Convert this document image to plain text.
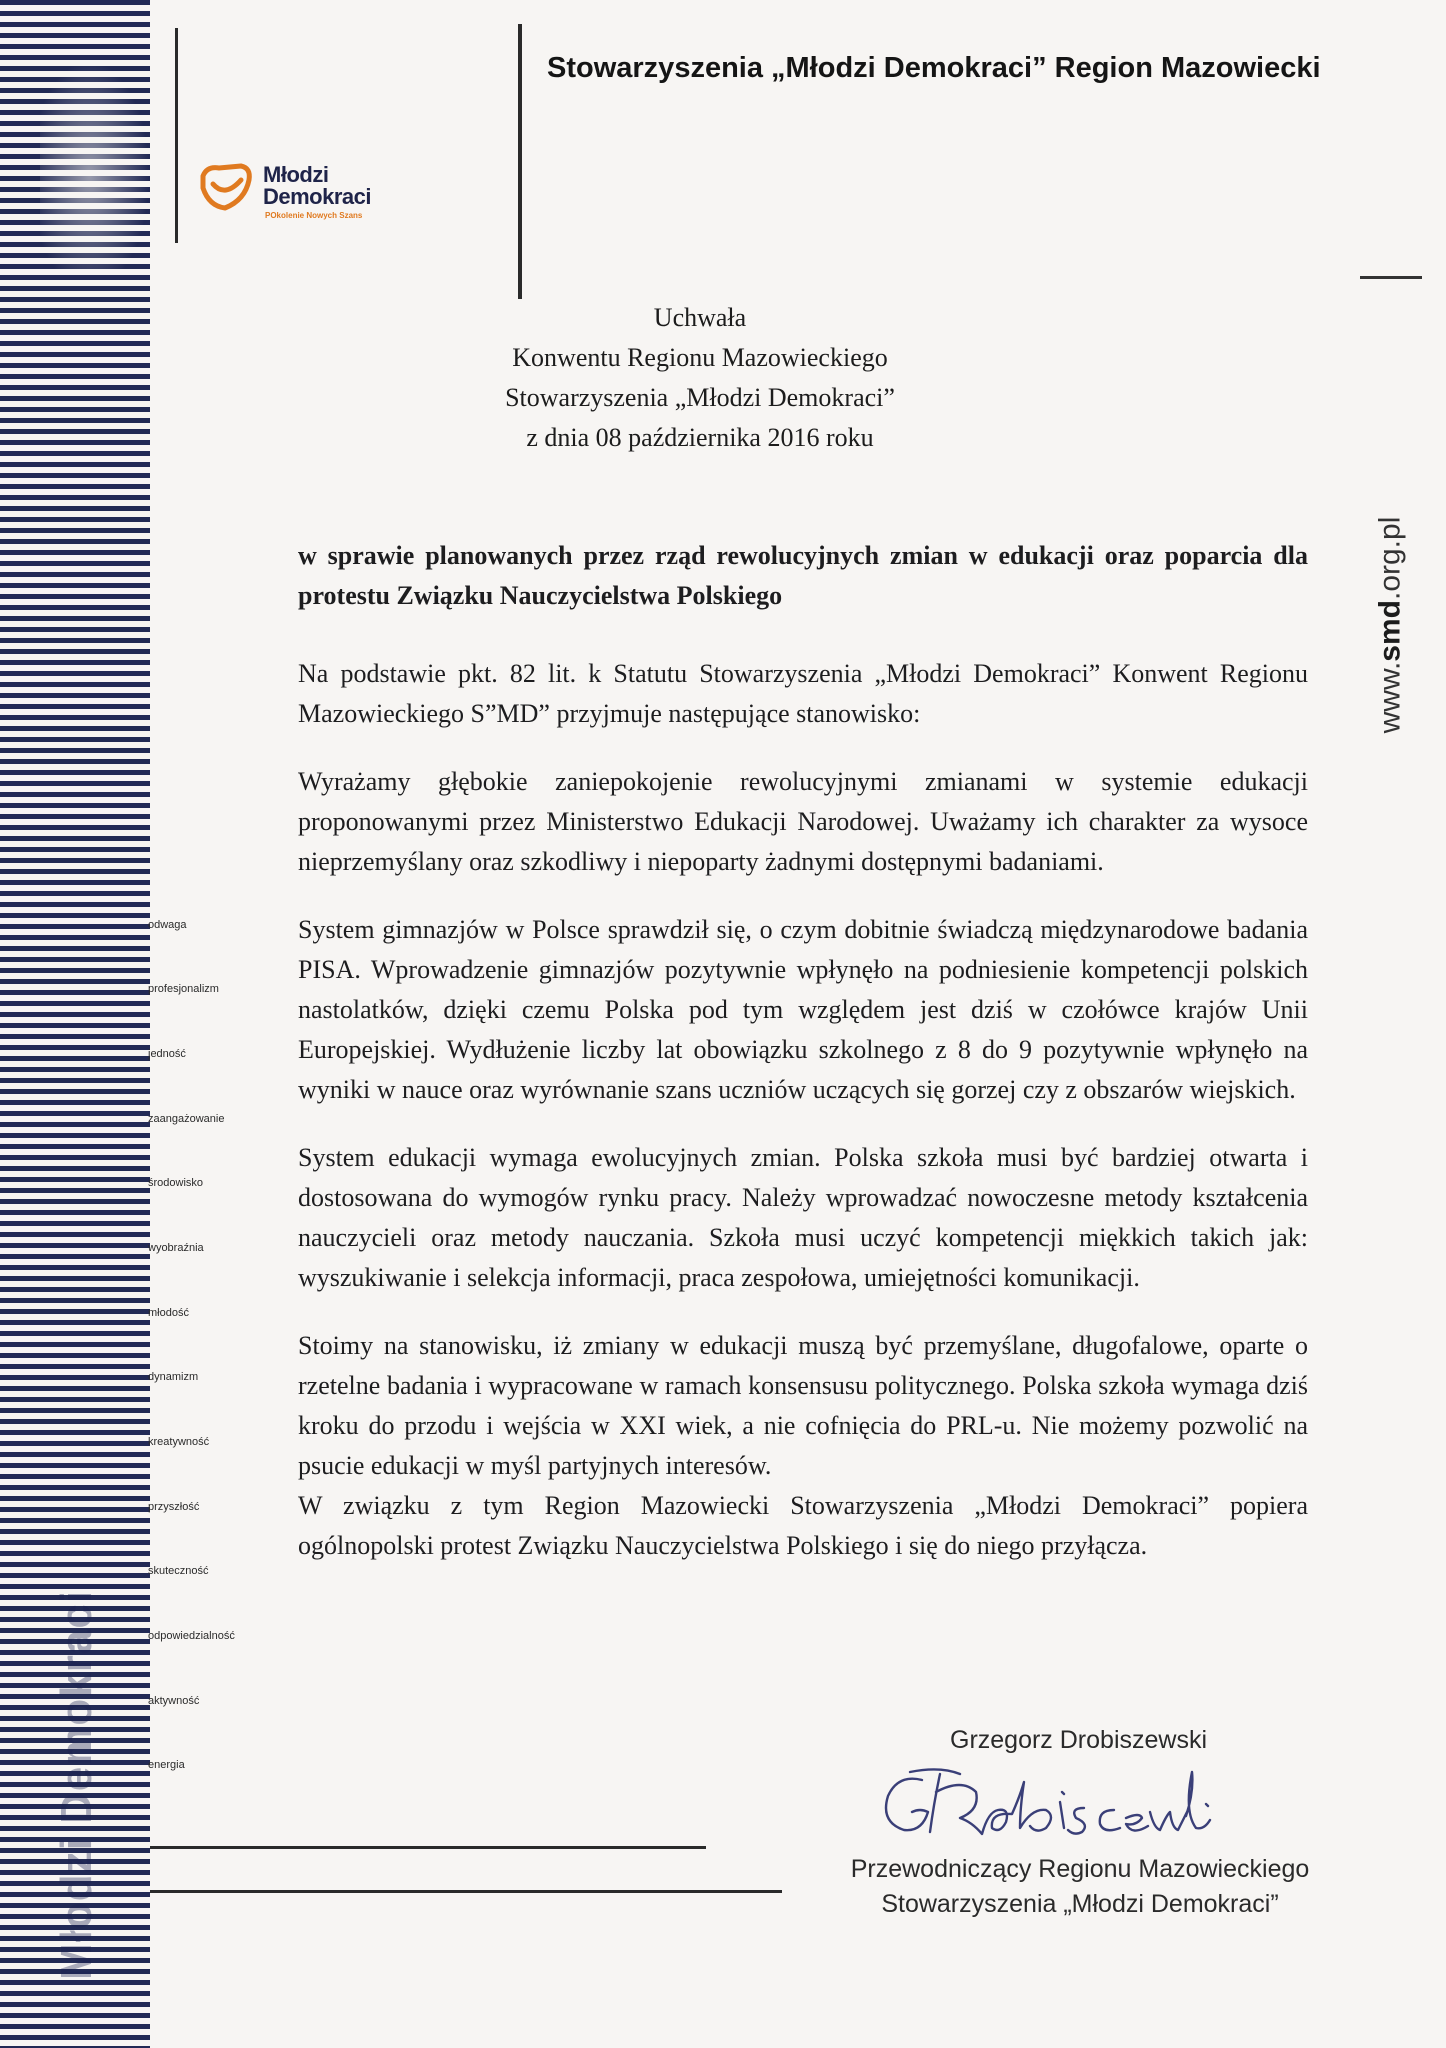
Młodzi Demokraci
Młodzi
Demokraci
POkolenie Nowych Szans
Stowarzyszenia „Młodzi Demokraci” Region Mazowiecki
www.smd.org.pl
odwaga
profesjonalizm
jedność
zaangażowanie
środowisko
wyobraźnia
młodość
dynamizm
kreatywność
przyszłość
skuteczność
odpowiedzialność
aktywność
energia
Uchwała
Konwentu Regionu Mazowieckiego
Stowarzyszenia „Młodzi Demokraci”
z dnia 08 października 2016 roku
w sprawie planowanych przez rząd rewolucyjnych zmian w edukacji oraz poparcia dla protestu Związku Nauczycielstwa Polskiego

Na podstawie pkt. 82 lit. k Statutu Stowarzyszenia „Młodzi Demokraci” Konwent Regionu Mazowieckiego S”MD” przyjmuje następujące stanowisko:

Wyrażamy głębokie zaniepokojenie rewolucyjnymi zmianami w systemie edukacji proponowanymi przez Ministerstwo Edukacji Narodowej. Uważamy ich charakter za wysoce nieprzemyślany oraz szkodliwy i niepoparty żadnymi dostępnymi badaniami.

System gimnazjów w Polsce sprawdził się, o czym dobitnie świadczą międzynarodowe badania PISA. Wprowadzenie gimnazjów pozytywnie wpłynęło na podniesienie kompetencji polskich nastolatków, dzięki czemu Polska pod tym względem jest dziś w czołówce krajów Unii Europejskiej. Wydłużenie liczby lat obowiązku szkolnego z 8 do 9 pozytywnie wpłynęło na wyniki w nauce oraz wyrównanie szans uczniów uczących się gorzej czy z obszarów wiejskich.

System edukacji wymaga ewolucyjnych zmian. Polska szkoła musi być bardziej otwarta i dostosowana do wymogów rynku pracy. Należy wprowadzać nowoczesne metody kształcenia nauczycieli oraz metody nauczania. Szkoła musi uczyć kompetencji miękkich takich jak: wyszukiwanie i selekcja informacji, praca zespołowa, umiejętności komunikacji.

Stoimy na stanowisku, iż zmiany w edukacji muszą być przemyślane, długofalowe, oparte o rzetelne badania i wypracowane w ramach konsensusu politycznego. Polska szkoła wymaga dziś kroku do przodu i wejścia w XXI wiek, a nie cofnięcia do PRL-u. Nie możemy pozwolić na psucie edukacji w myśl partyjnych interesów.

W związku z tym Region Mazowiecki Stowarzyszenia „Młodzi Demokraci” popiera ogólnopolski protest Związku Nauczycielstwa Polskiego i się do niego przyłącza.

Grzegorz Drobiszewski
Przewodniczący Regionu Mazowieckiego
Stowarzyszenia „Młodzi Demokraci”
